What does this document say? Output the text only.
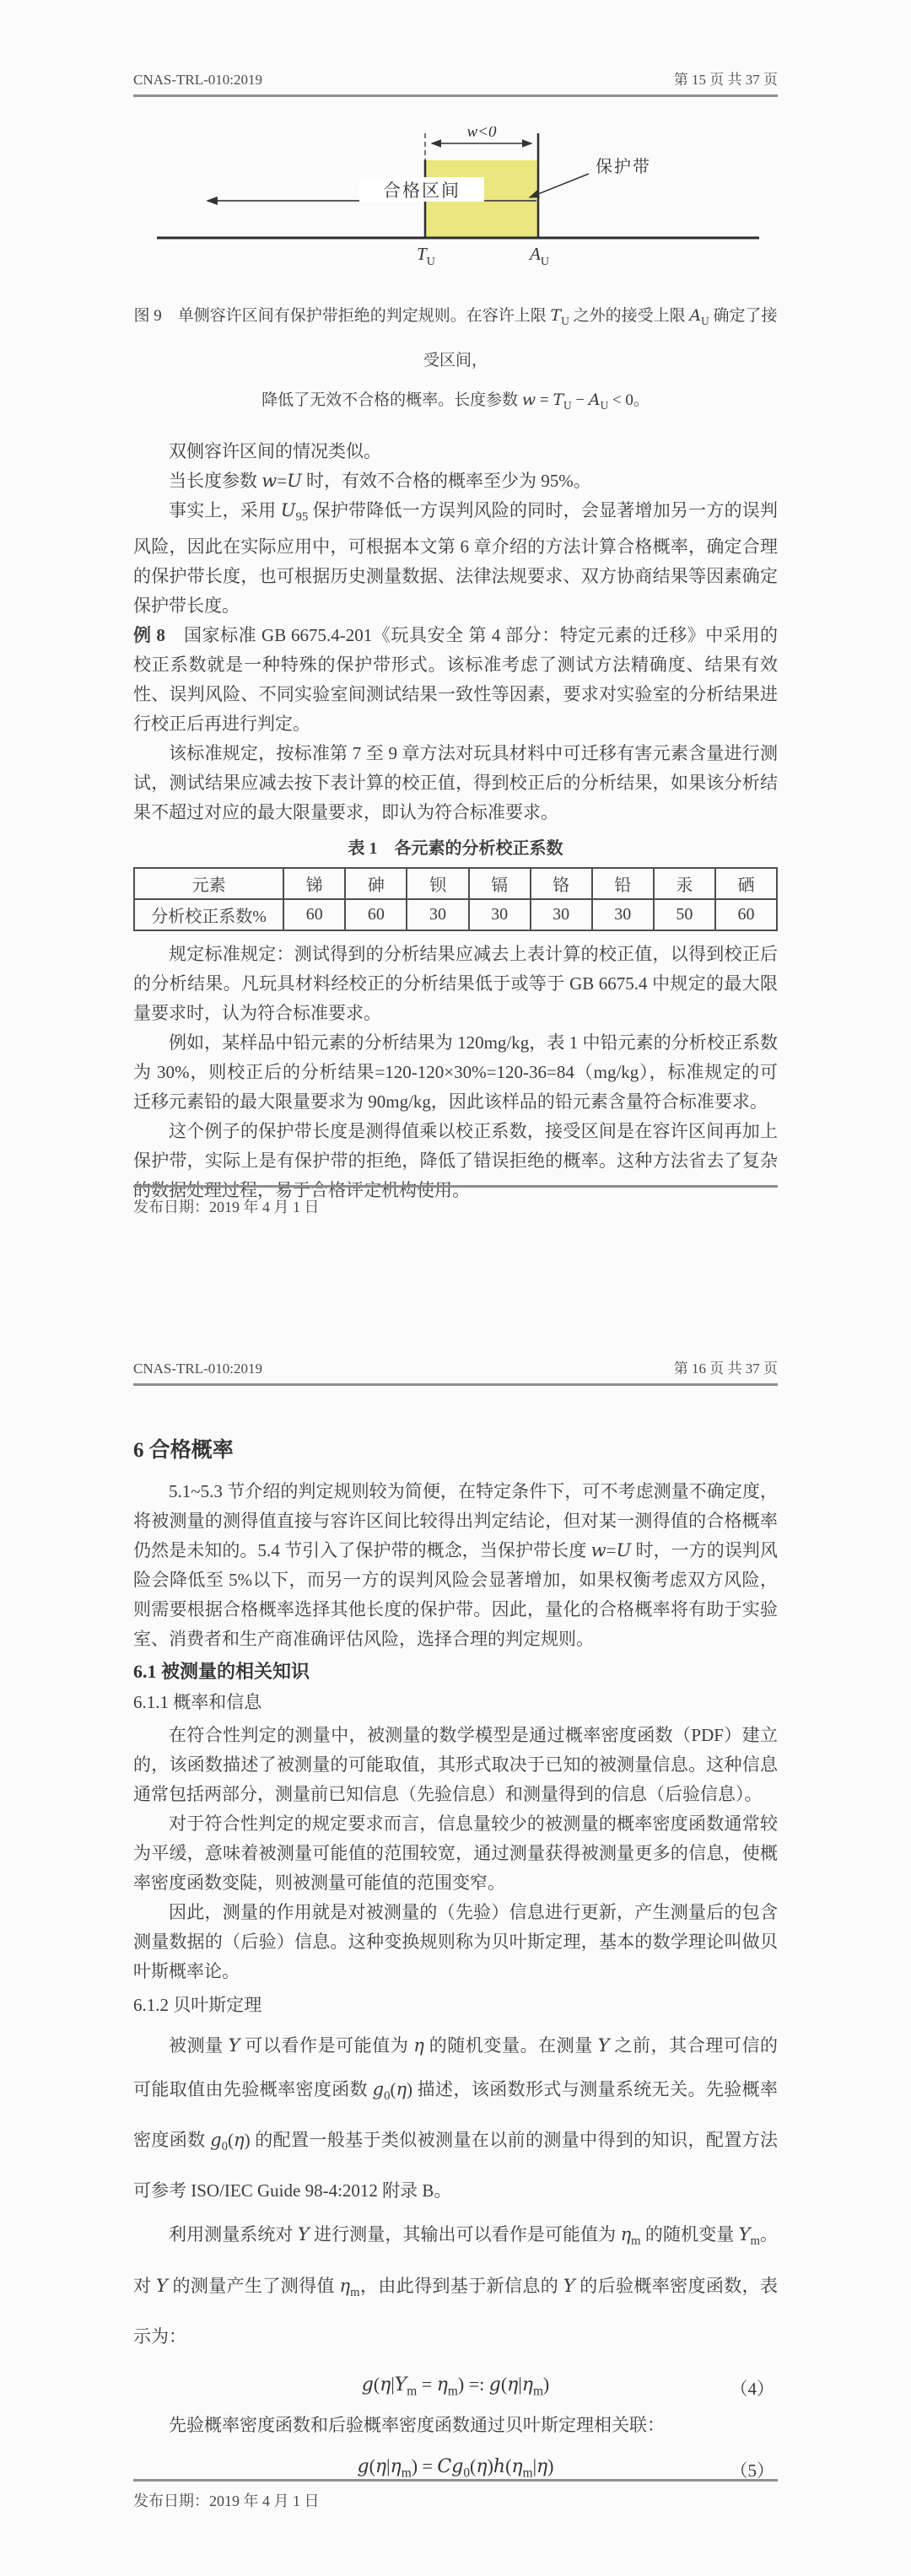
CNAS-TRL-010:2019	第 15 页 共 37 页
w<0
合格区间
保护带
$T_U$	$A_U$
图 9　单侧容许区间有保护带拒绝的判定规则。在容许上限 $T_U$ 之外的接受上限 $A_U$ 确定了接受区间，
降低了无效不合格的概率。长度参数 $w = T_U - A_U < 0$。

双侧容许区间的情况类似。

当长度参数 w=U 时，有效不合格的概率至少为 95%。

事实上，采用 $U_{95}$ 保护带降低一方误判风险的同时，会显著增加另一方的误判风险，因此在实际应用中，可根据本文第 6 章介绍的方法计算合格概率，确定合理的保护带长度，也可根据历史测量数据、法律法规要求、双方协商结果等因素确定保护带长度。

例 8　国家标准 GB 6675.4-201《玩具安全 第 4 部分：特定元素的迁移》中采用的校正系数就是一种特殊的保护带形式。该标准考虑了测试方法精确度、结果有效性、误判风险、不同实验室间测试结果一致性等因素，要求对实验室的分析结果进行校正后再进行判定。

该标准规定，按标准第 7 至 9 章方法对玩具材料中可迁移有害元素含量进行测试，测试结果应减去按下表计算的校正值，得到校正后的分析结果，如果该分析结果不超过对应的最大限量要求，即认为符合标准要求。

表 1　各元素的分析校正系数
元素	锑	砷	钡	镉	铬	铅	汞	硒
分析校正系数%	60	60	30	30	30	30	50	60

规定标准规定：测试得到的分析结果应减去上表计算的校正值，以得到校正后的分析结果。凡玩具材料经校正的分析结果低于或等于 GB 6675.4 中规定的最大限量要求时，认为符合标准要求。

例如，某样品中铅元素的分析结果为 120mg/kg，表 1 中铅元素的分析校正系数为 30%，则校正后的分析结果=120-120×30%=120-36=84（mg/kg），标准规定的可迁移元素铅的最大限量要求为 90mg/kg，因此该样品的铅元素含量符合标准要求。

这个例子的保护带长度是测得值乘以校正系数，接受区间是在容许区间再加上保护带，实际上是有保护带的拒绝，降低了错误拒绝的概率。这种方法省去了复杂的数据处理过程，易于合格评定机构使用。

发布日期：2019 年 4 月 1 日
CNAS-TRL-010:2019	第 16 页 共 37 页
6 合格概率

5.1~5.3 节介绍的判定规则较为简便，在特定条件下，可不考虑测量不确定度，将被测量的测得值直接与容许区间比较得出判定结论，但对某一测得值的合格概率仍然是未知的。5.4 节引入了保护带的概念，当保护带长度 w=U 时，一方的误判风险会降低至 5%以下，而另一方的误判风险会显著增加，如果权衡考虑双方风险，则需要根据合格概率选择其他长度的保护带。因此，量化的合格概率将有助于实验室、消费者和生产商准确评估风险，选择合理的判定规则。

6.1 被测量的相关知识
6.1.1 概率和信息

在符合性判定的测量中，被测量的数学模型是通过概率密度函数（PDF）建立的，该函数描述了被测量的可能取值，其形式取决于已知的被测量信息。这种信息通常包括两部分，测量前已知信息（先验信息）和测量得到的信息（后验信息）。

对于符合性判定的规定要求而言，信息量较少的被测量的概率密度函数通常较为平缓，意味着被测量可能值的范围较宽，通过测量获得被测量更多的信息，使概率密度函数变陡，则被测量可能值的范围变窄。

因此，测量的作用就是对被测量的（先验）信息进行更新，产生测量后的包含测量数据的（后验）信息。这种变换规则称为贝叶斯定理，基本的数学理论叫做贝叶斯概率论。

6.1.2 贝叶斯定理

被测量 Y 可以看作是可能值为 η 的随机变量。在测量 Y 之前，其合理可信的可能取值由先验概率密度函数 $g_0(\eta)$ 描述，该函数形式与测量系统无关。先验概率密度函数 $g_0(\eta)$ 的配置一般基于类似被测量在以前的测量中得到的知识，配置方法可参考 ISO/IEC Guide 98-4:2012 附录 B。

利用测量系统对 Y 进行测量，其输出可以看作是可能值为 $\eta_m$ 的随机变量 $Y_m$。对 Y 的测量产生了测得值 $\eta_m$，由此得到基于新信息的 Y 的后验概率密度函数，表示为：

$g(\eta|Y_m = \eta_m)$ =: $g(\eta|\eta_m)$	（4）

先验概率密度函数和后验概率密度函数通过贝叶斯定理相关联：

$g(\eta|\eta_m) = Cg_0(\eta)h(\eta_m|\eta)$	（5）
发布日期：2019 年 4 月 1 日
